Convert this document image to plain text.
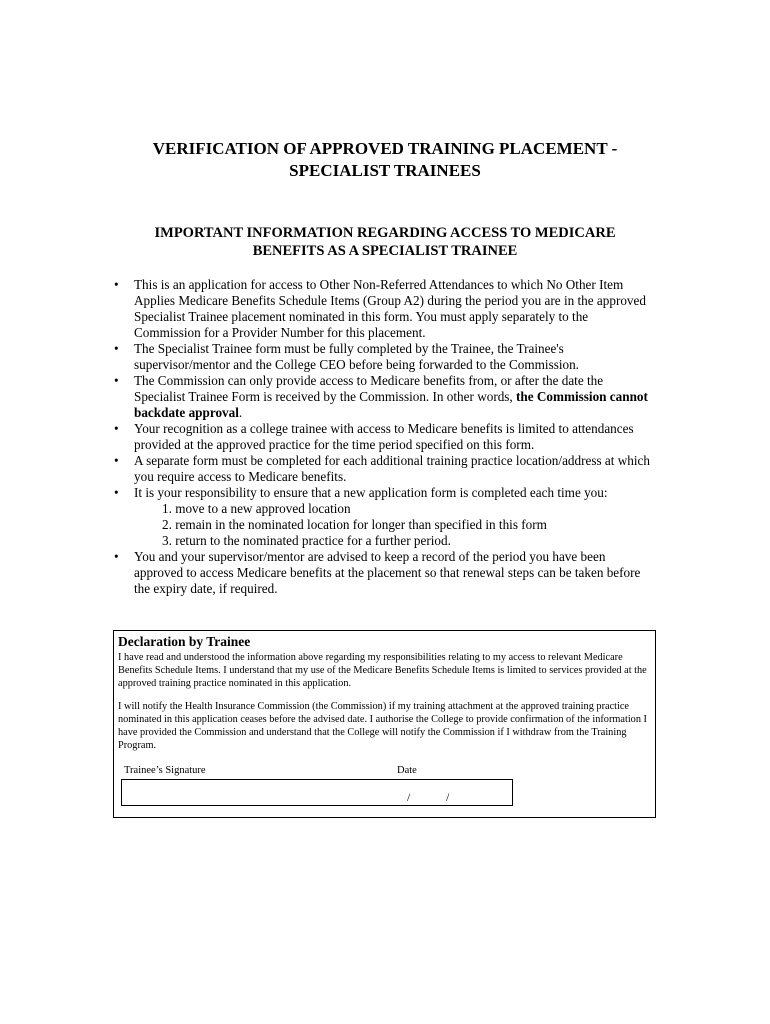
VERIFICATION OF APPROVED TRAINING PLACEMENT -
SPECIALIST TRAINEES
IMPORTANT INFORMATION REGARDING ACCESS TO MEDICARE
BENEFITS AS A SPECIALIST TRAINEE
• This is an application for access to Other Non-Referred Attendances to which No Other Item Applies Medicare Benefits Schedule Items (Group A2) during the period you are in the approved Specialist Trainee placement nominated in this form. You must apply separately to the Commission for a Provider Number for this placement.
• The Specialist Trainee form must be fully completed by the Trainee, the Trainee's supervisor/mentor and the College CEO before being forwarded to the Commission.
• The Commission can only provide access to Medicare benefits from, or after the date the Specialist Trainee Form is received by the Commission. In other words, the Commission cannot backdate approval.
• Your recognition as a college trainee with access to Medicare benefits is limited to attendances provided at the approved practice for the time period specified on this form.
• A separate form must be completed for each additional training practice location/address at which you require access to Medicare benefits.
• It is your responsibility to ensure that a new application form is completed each time you:
1. move to a new approved location
2. remain in the nominated location for longer than specified in this form
3. return to the nominated practice for a further period.
• You and your supervisor/mentor are advised to keep a record of the period you have been approved to access Medicare benefits at the placement so that renewal steps can be taken before the expiry date, if required.
Declaration by Trainee

I have read and understood the information above regarding my responsibilities relating to my access to relevant Medicare Benefits Schedule Items. I understand that my use of the Medicare Benefits Schedule Items is limited to services provided at the approved training practice nominated in this application.

I will notify the Health Insurance Commission (the Commission) if my training attachment at the approved training practice nominated in this application ceases before the advised date. I authorise the College to provide confirmation of the information I have provided the Commission and understand that the College will notify the Commission if I withdraw from the Training Program.

Trainee’s Signature	Date
/	/
